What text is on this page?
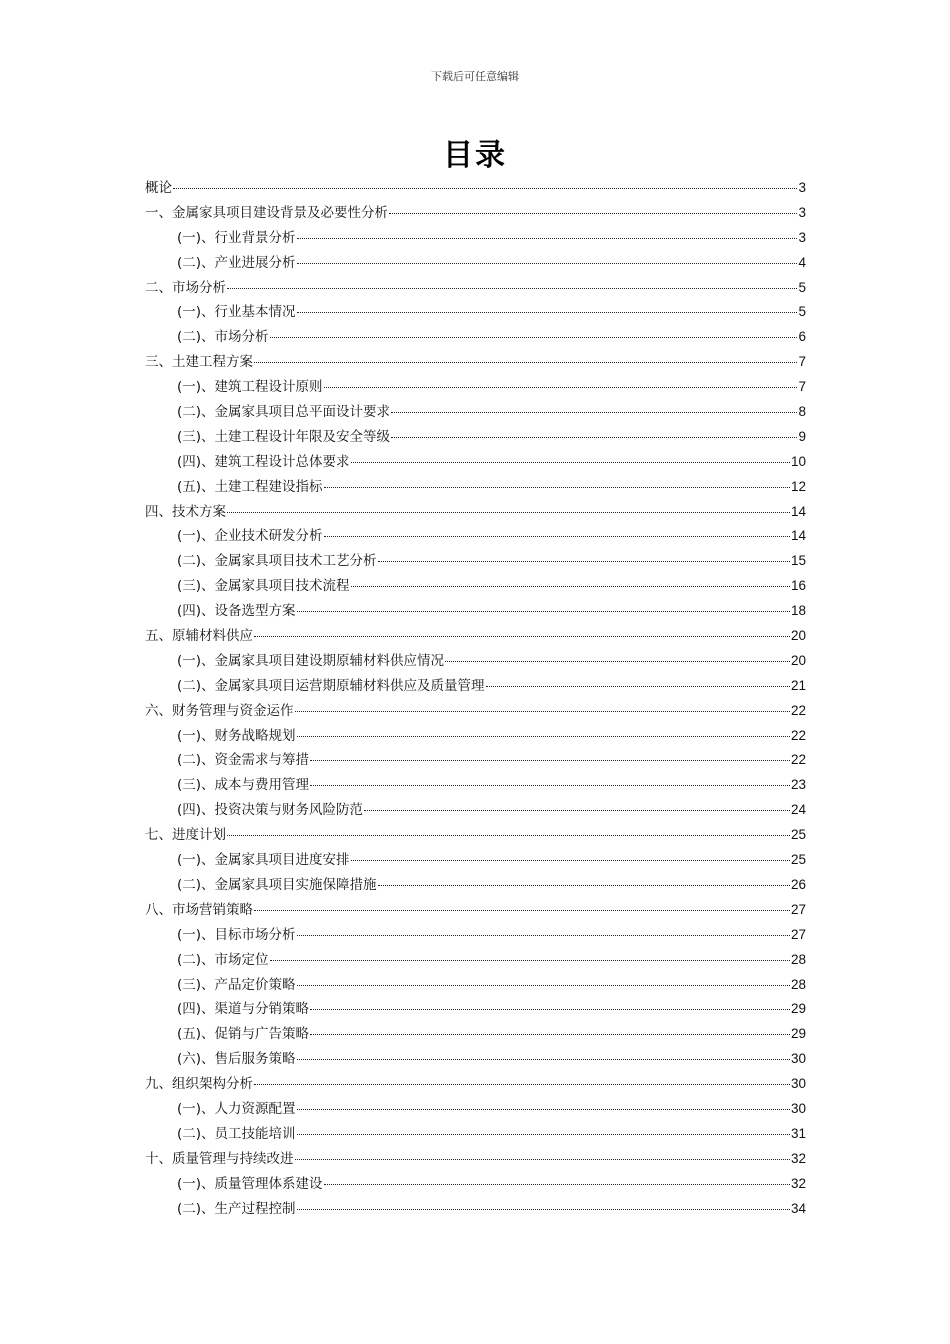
下载后可任意编辑
目录
概论	3
一、金属家具项目建设背景及必要性分析	3
(一)、行业背景分析	3
(二)、产业进展分析	4
二、市场分析	5
(一)、行业基本情况	5
(二)、市场分析	6
三、土建工程方案	7
(一)、建筑工程设计原则	7
(二)、金属家具项目总平面设计要求	8
(三)、土建工程设计年限及安全等级	9
(四)、建筑工程设计总体要求	10
(五)、土建工程建设指标	12
四、技术方案	14
(一)、企业技术研发分析	14
(二)、金属家具项目技术工艺分析	15
(三)、金属家具项目技术流程	16
(四)、设备选型方案	18
五、原辅材料供应	20
(一)、金属家具项目建设期原辅材料供应情况	20
(二)、金属家具项目运营期原辅材料供应及质量管理	21
六、财务管理与资金运作	22
(一)、财务战略规划	22
(二)、资金需求与筹措	22
(三)、成本与费用管理	23
(四)、投资决策与财务风险防范	24
七、进度计划	25
(一)、金属家具项目进度安排	25
(二)、金属家具项目实施保障措施	26
八、市场营销策略	27
(一)、目标市场分析	27
(二)、市场定位	28
(三)、产品定价策略	28
(四)、渠道与分销策略	29
(五)、促销与广告策略	29
(六)、售后服务策略	30
九、组织架构分析	30
(一)、人力资源配置	30
(二)、员工技能培训	31
十、质量管理与持续改进	32
(一)、质量管理体系建设	32
(二)、生产过程控制	34
